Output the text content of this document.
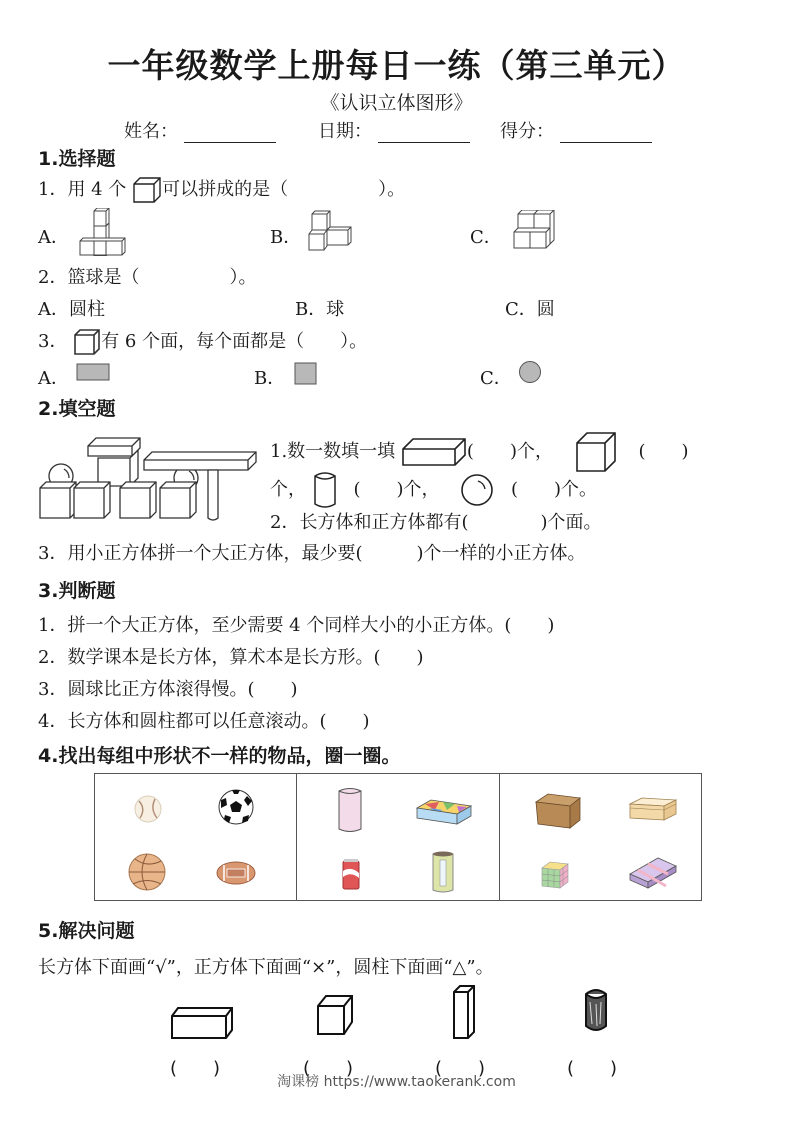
一年级数学上册每日一练（第三单元）
《认识立体图形》
姓名：	日期：	得分：
1.选择题
1．用 4 个 可以拼成的是（　　　　　）。
A．	B．	C．
2．篮球是（　　　　　）。
A．圆柱	B．球	C．圆
3． 有 6 个面，每个面都是（　　）。
A．	B．	C．
2.填空题
1.数一数填一填	(　　)个，	(　　)
个，	(　　)个，	(　　)个。
2．长方体和正方体都有(　　　　)个面。
3．用小正方体拼一个大正方体，最少要(　　　)个一样的小正方体。
3.判断题
1．拼一个大正方体，至少需要 4 个同样大小的小正方体。(　　)
2．数学课本是长方体，算术本是长方形。(　　)
3．圆球比正方体滚得慢。(　　)
4．长方体和圆柱都可以任意滚动。(　　)
4.找出每组中形状不一样的物品，圈一圈。
5.解决问题
长方体下面画“√”，正方体下面画“×”，圆柱下面画“△”。
(　　)	(　　)	(　　)	(　　)
淘课榜 https://www.taokerank.com
